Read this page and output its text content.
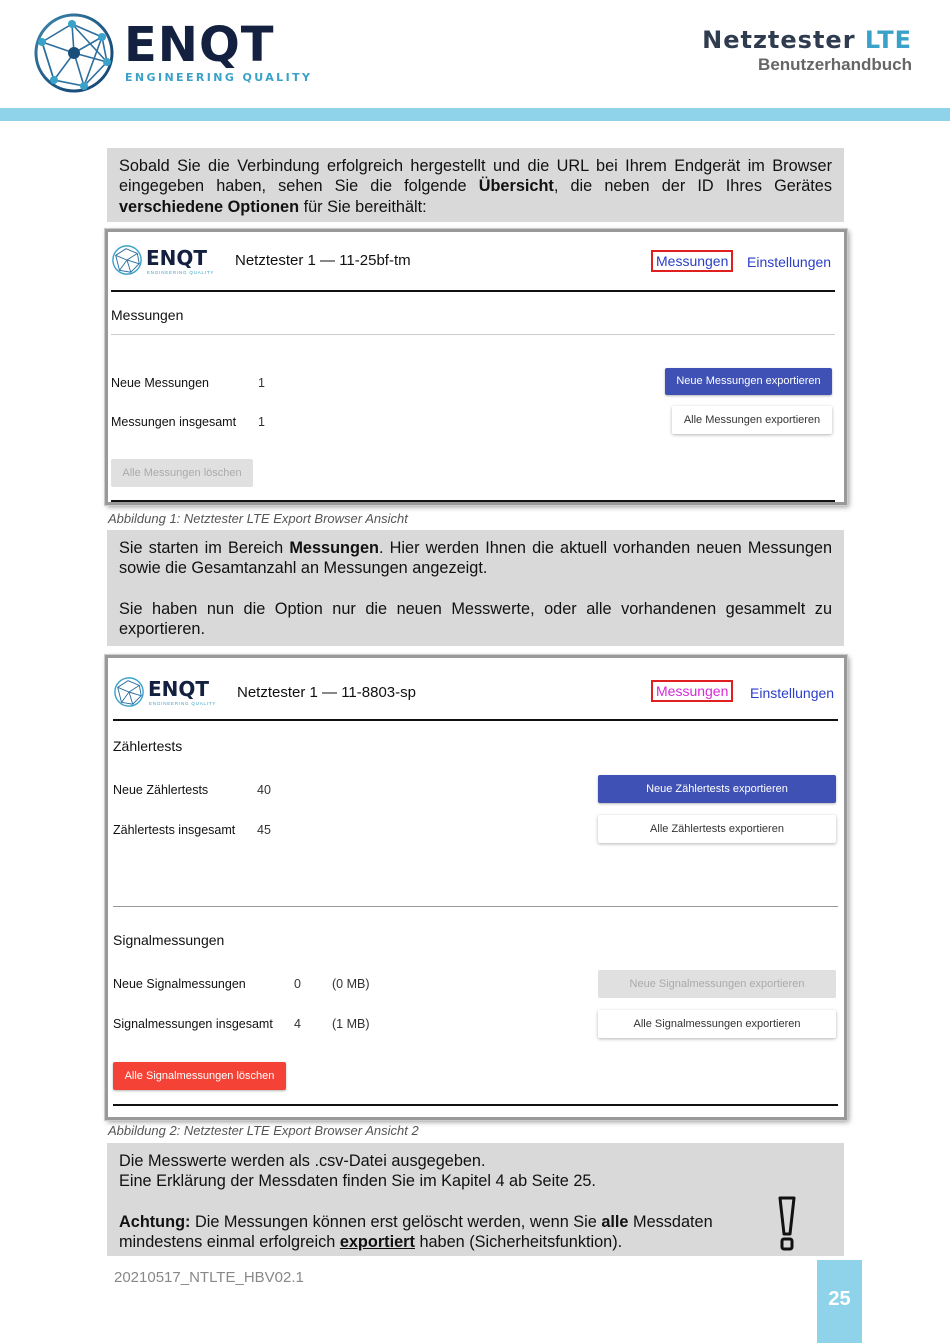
ENQT
ENGINEERING QUALITY
Netztester LTE
Benutzerhandbuch

Sobald Sie die Verbindung erfolgreich hergestellt und die URL bei Ihrem Endgerät im Browser eingegeben haben, sehen Sie die folgende Übersicht, die neben der ID Ihres Gerätes verschiedene Optionen für Sie bereithält:

ENQT
ENGINEERING QUALITY
Netztester 1 — 11-25bf-tm	Messungen	Einstellungen
Messungen
Neue Messungen	1	Neue Messungen exportieren
Messungen insgesamt 1	Alle Messungen exportieren
Alle Messungen löschen
Abbildung 1: Netztester LTE Export Browser Ansicht

Sie starten im Bereich Messungen. Hier werden Ihnen die aktuell vorhanden neuen Messungen sowie die Gesamtanzahl an Messungen angezeigt.

Sie haben nun die Option nur die neuen Messwerte, oder alle vorhandenen gesammelt zu exportieren.

ENQT
ENGINEERING QUALITY
Netztester 1 — 11-8803-sp	Messungen	Einstellungen
Zählertests
Neue Zählertests	40	Neue Zählertests exportieren
Zählertests insgesamt 45	Alle Zählertests exportieren
Signalmessungen
Neue Signalmessungen	0 (0 MB)	Neue Signalmessungen exportieren
Signalmessungen insgesamt 4 (1 MB)	Alle Signalmessungen exportieren
Alle Signalmessungen löschen
Abbildung 2: Netztester LTE Export Browser Ansicht 2

Die Messwerte werden als .csv-Datei ausgegeben.

Eine Erklärung der Messdaten finden Sie im Kapitel 4 ab Seite 25.

Achtung: Die Messungen können erst gelöscht werden, wenn Sie alle Messdaten mindestens einmal erfolgreich exportiert haben (Sicherheitsfunktion).

20210517_NTLTE_HBV02.1
25
